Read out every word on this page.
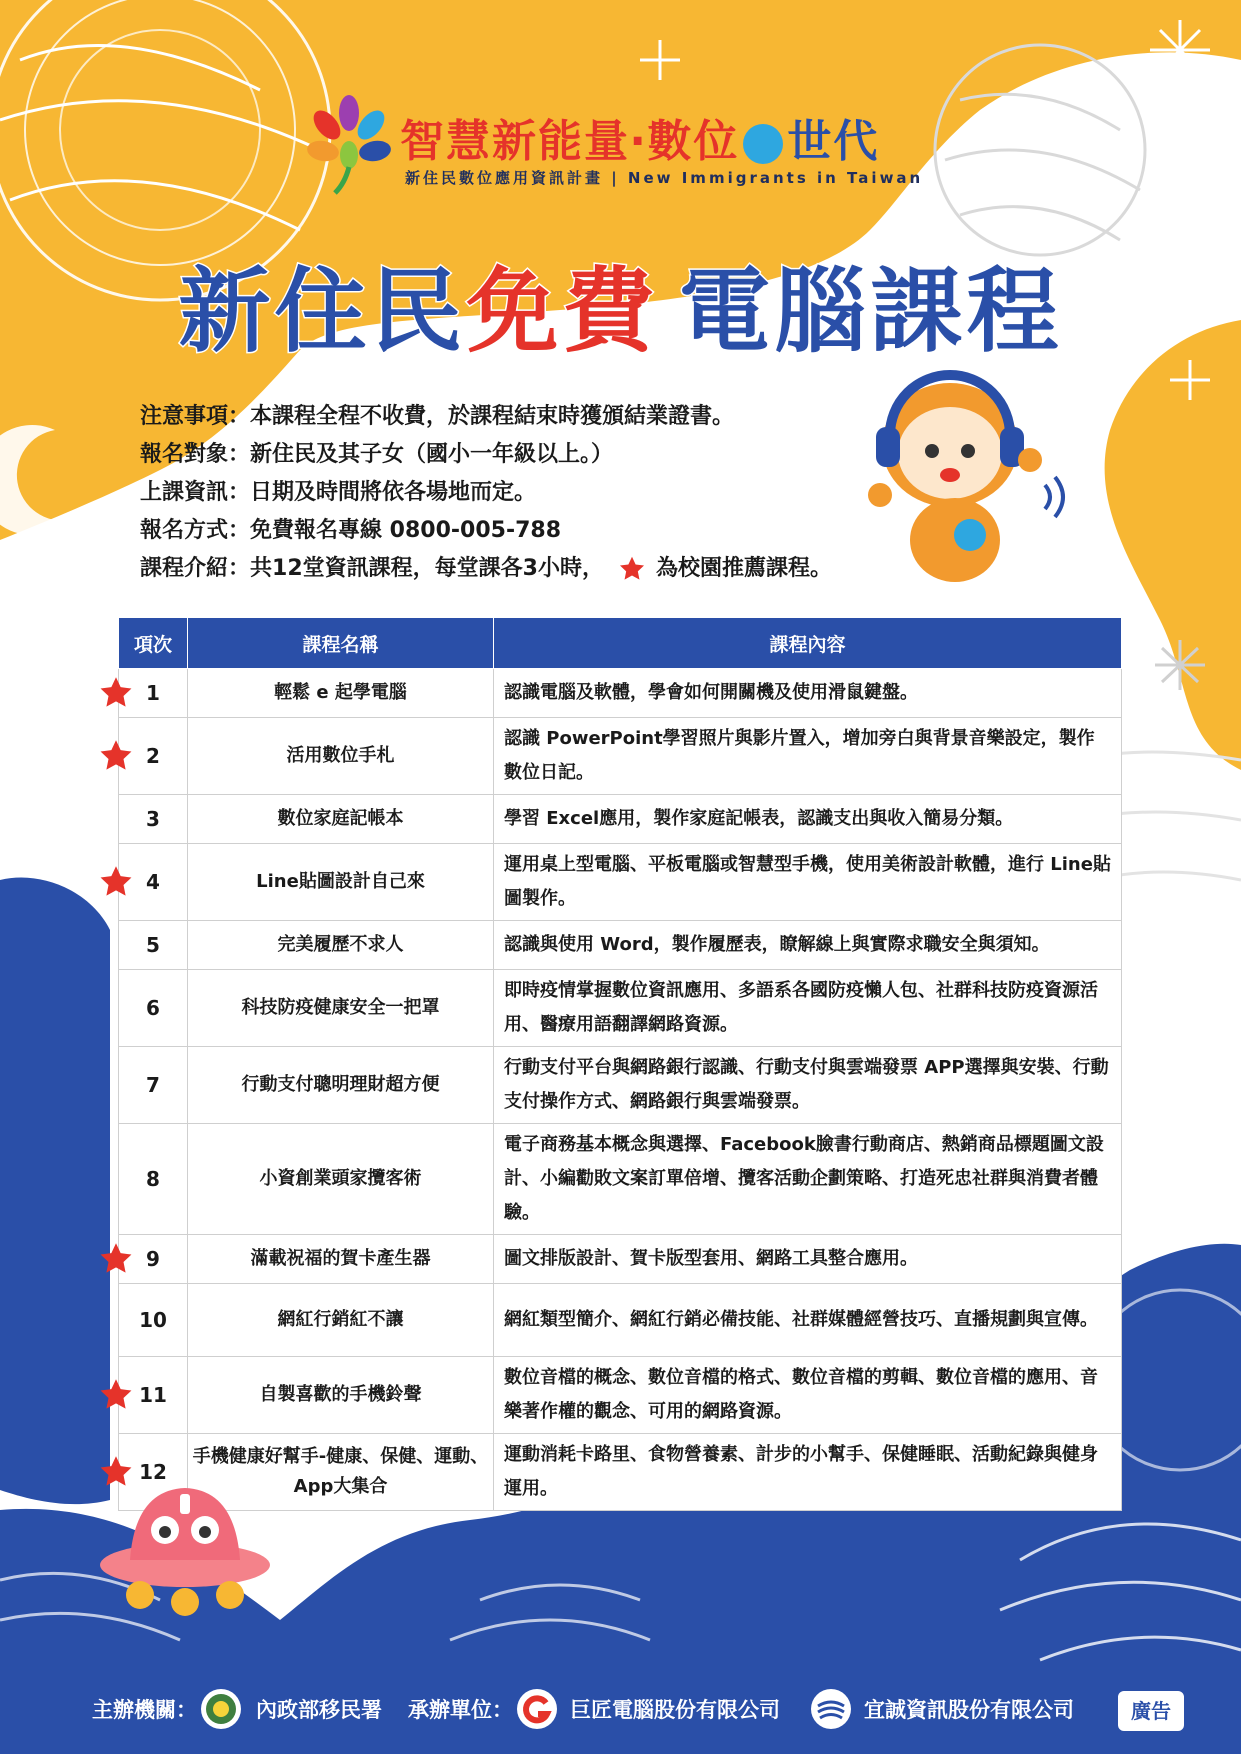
智慧新能量‧數位 世代
新住民數位應用資訊計畫 | New Immigrants in Taiwan
新住民免費 電腦課程
注意事項：本課程全程不收費，於課程結束時獲頒結業證書。
報名對象：新住民及其子女（國小一年級以上。）
上課資訊：日期及時間將依各場地而定。
報名方式：免費報名專線 0800-005-788
課程介紹：共12堂資訊課程，每堂課各3小時， 為校園推薦課程。
項次	課程名稱	課程內容
1	輕鬆 e 起學電腦	認識電腦及軟體，學會如何開關機及使用滑鼠鍵盤。
2	活用數位手札	認識 PowerPoint學習照片與影片置入，增加旁白與背景音樂設定，製作數位日記。
3	數位家庭記帳本	學習 Excel應用，製作家庭記帳表，認識支出與收入簡易分類。
4	Line貼圖設計自己來	運用桌上型電腦、平板電腦或智慧型手機，使用美術設計軟體，進行 Line貼圖製作。
5	完美履歷不求人	認識與使用 Word，製作履歷表，瞭解線上與實際求職安全與須知。
6	科技防疫健康安全一把罩	即時疫情掌握數位資訊應用、多語系各國防疫懶人包、社群科技防疫資源活用、醫療用語翻譯網路資源。
7	行動支付聰明理財超方便	行動支付平台與網路銀行認識、行動支付與雲端發票 APP選擇與安裝、行動支付操作方式、網路銀行與雲端發票。
8	小資創業頭家攬客術	電子商務基本概念與選擇、Facebook臉書行動商店、熱銷商品標題圖文設計、小編勸敗文案訂單倍增、攬客活動企劃策略、打造死忠社群與消費者體驗。
9	滿載祝福的賀卡產生器	圖文排版設計、賀卡版型套用、網路工具整合應用。
10	網紅行銷紅不讓	網紅類型簡介、網紅行銷必備技能、社群媒體經營技巧、直播規劃與宣傳。
11	自製喜歡的手機鈴聲	數位音檔的概念、數位音檔的格式、數位音檔的剪輯、數位音檔的應用、音樂著作權的觀念、可用的網路資源。
12	手機健康好幫手-健康、保健、運動、App大集合	運動消耗卡路里、食物營養素、計步的小幫手、保健睡眠、活動紀錄與健身運用。
主辦機關：	內政部移民署 承辦單位：	巨匠電腦股份有限公司	宜誠資訊股份有限公司	廣告
